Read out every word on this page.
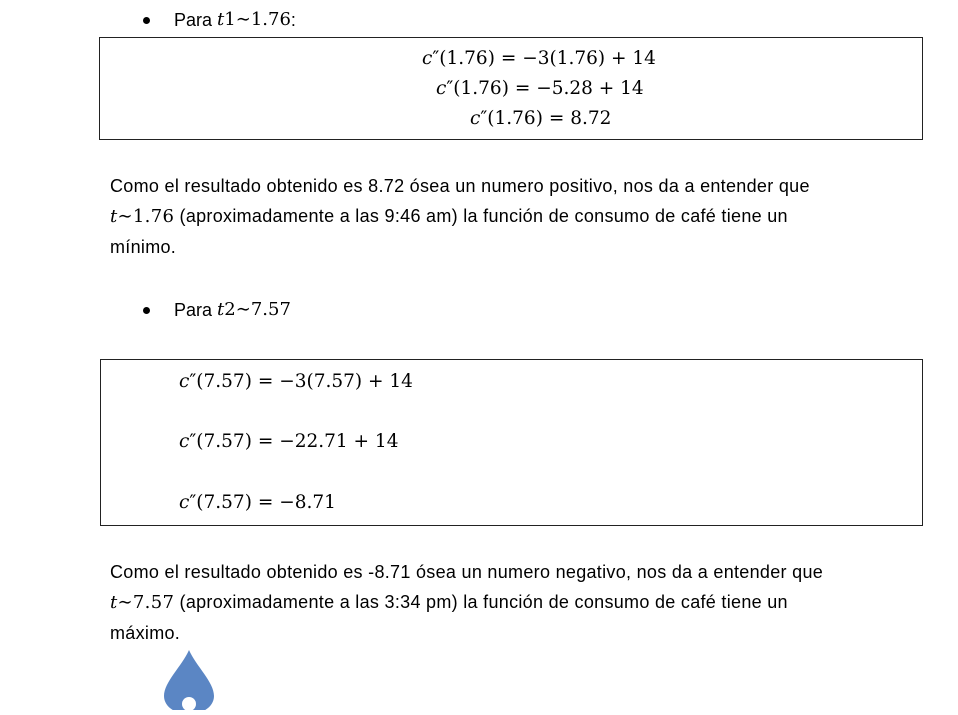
Para
t1∼1.76 :
c″(1.76) = −3(1.76) + 14
c″(1.76) = −5.28 + 14
c″(1.76) = 8.72
Como el resultado obtenido es 8.72 ósea un numero positivo, nos da a entender que
t∼1.76 (aproximadamente a las 9:46 am) la función de consumo de café tiene un
mínimo.
Para
t2∼7.57
c″(7.57) = −3(7.57) + 14
c″(7.57) = −22.71 + 14
c″(7.57) = −8.71
Como el resultado obtenido es -8.71 ósea un numero negativo, nos da a entender que
t∼7.57 (aproximadamente a las 3:34 pm) la función de consumo de café tiene un
máximo.
